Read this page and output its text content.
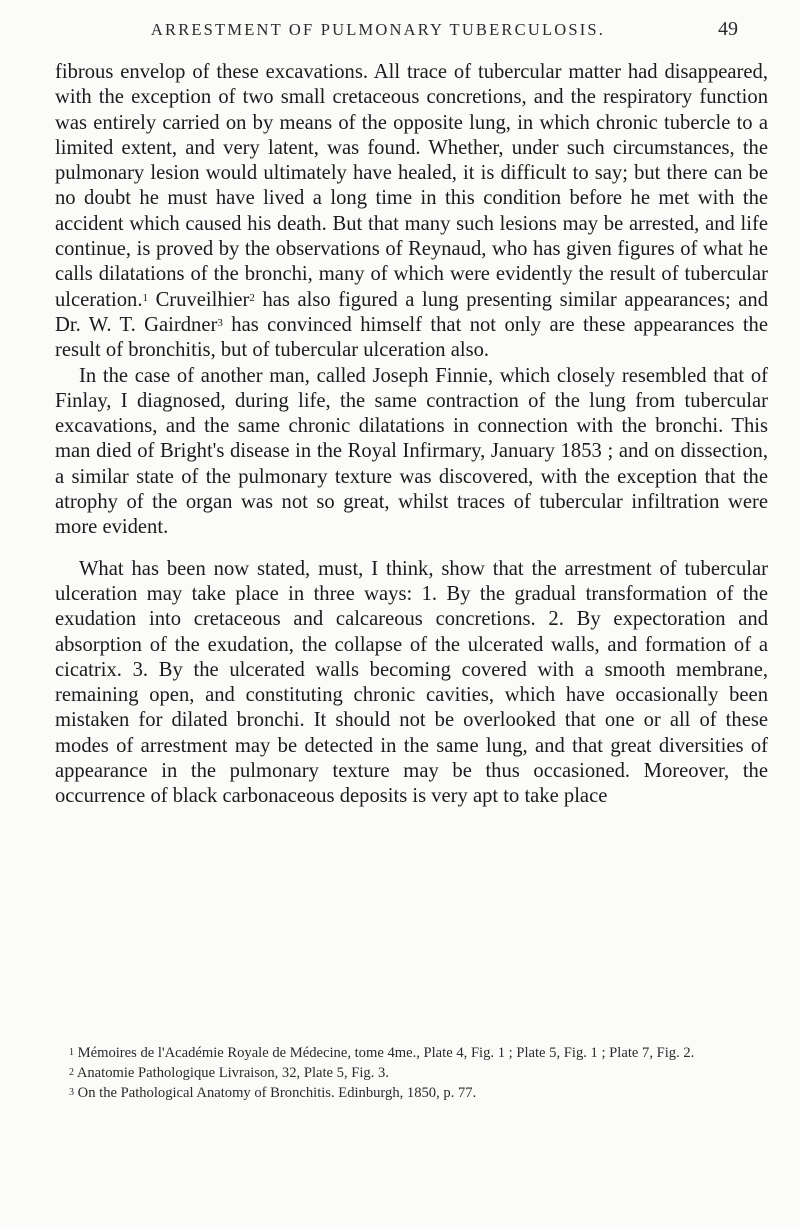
ARRESTMENT OF PULMONARY TUBERCULOSIS.	49

fibrous envelop of these excavations. All trace of tubercular matter had disappeared, with the exception of two small cretaceous concretions, and the respiratory function was entirely carried on by means of the opposite lung, in which chronic tubercle to a limited extent, and very latent, was found. Whether, under such circumstances, the pulmonary lesion would ultimately have healed, it is difficult to say; but there can be no doubt he must have lived a long time in this condition before he met with the accident which caused his death. But that many such lesions may be arrested, and life continue, is proved by the observations of Reynaud, who has given figures of what he calls dilatations of the bronchi, many of which were evidently the result of tubercular ulceration.$^1$ Cruveilhier$^2$ has also figured a lung presenting similar appearances; and Dr. W. T. Gairdner$^3$ has convinced himself that not only are these appearances the result of bronchitis, but of tubercular ulceration also.

In the case of another man, called Joseph Finnie, which closely resembled that of Finlay, I diagnosed, during life, the same contraction of the lung from tubercular excavations, and the same chronic dilatations in connection with the bronchi. This man died of Bright's disease in the Royal Infirmary, January 1853 ; and on dissection, a similar state of the pulmonary texture was discovered, with the exception that the atrophy of the organ was not so great, whilst traces of tubercular infiltration were more evident.

What has been now stated, must, I think, show that the arrestment of tubercular ulceration may take place in three ways: 1. By the gradual transformation of the exudation into cretaceous and calcareous concretions. 2. By expectoration and absorption of the exudation, the collapse of the ulcerated walls, and formation of a cicatrix. 3. By the ulcerated walls becoming covered with a smooth membrane, remaining open, and constituting chronic cavities, which have occasionally been mistaken for dilated bronchi. It should not be overlooked that one or all of these modes of arrestment may be detected in the same lung, and that great diversities of appearance in the pulmonary texture may be thus occasioned. Moreover, the occurrence of black carbonaceous deposits is very apt to take place

$^1$ Mémoires de l'Académie Royale de Médecine, tome 4me., Plate 4, Fig. 1 ; Plate 5, Fig. 1 ; Plate 7, Fig. 2.

$^2$ Anatomie Pathologique Livraison, 32, Plate 5, Fig. 3.

$^3$ On the Pathological Anatomy of Bronchitis. Edinburgh, 1850, p. 77.
